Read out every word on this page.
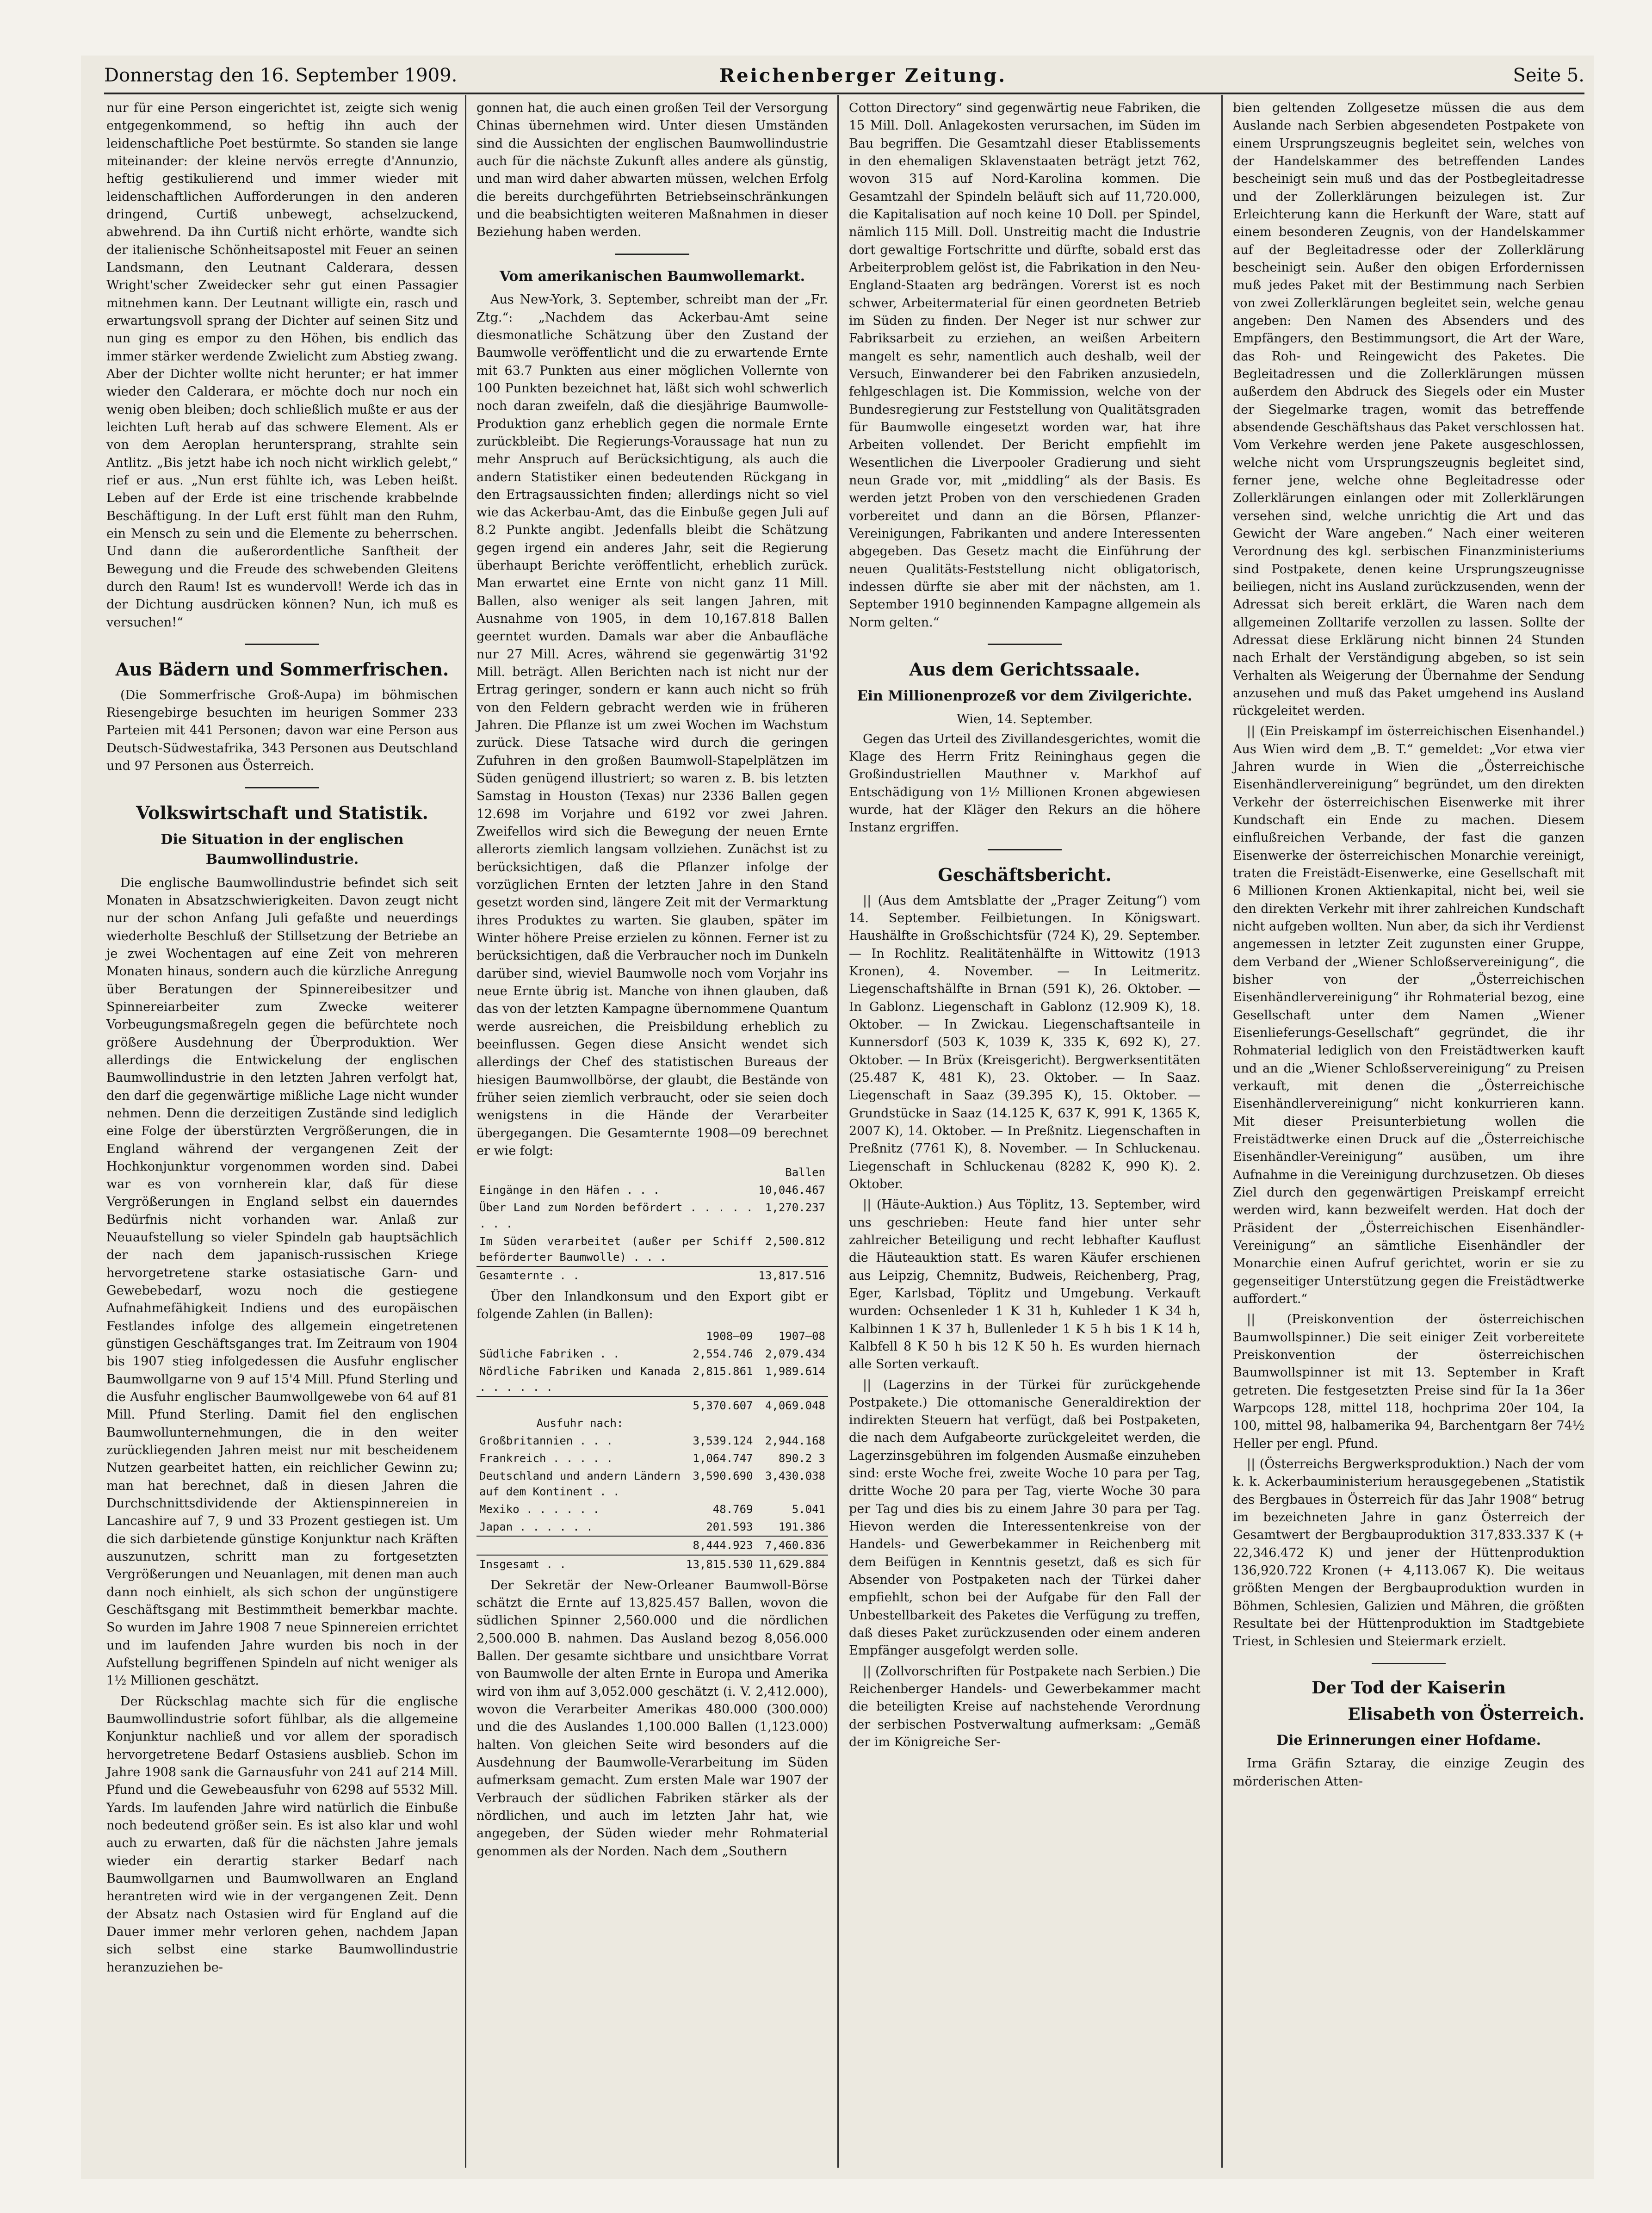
Donnerstag den 16. September 1909.	Reichenberger Zeitung.	Seite 5.

nur für eine Person eingerichtet ist, zeigte sich wenig entgegenkommend, so heftig ihn auch der leidenschaftliche Poet bestürmte. So standen sie lange miteinander: der kleine nervös erregte d'Annunzio, heftig gestikulierend und immer wieder mit leidenschaftlichen Aufforderungen in den anderen dringend, Curtiß unbewegt, achselzuckend, abwehrend. Da ihn Curtiß nicht erhörte, wandte sich der italienische Schönheitsapostel mit Feuer an seinen Landsmann, den Leutnant Calderara, dessen Wright'scher Zweidecker sehr gut einen Passagier mitnehmen kann. Der Leutnant willigte ein, rasch und erwartungsvoll sprang der Dichter auf seinen Sitz und nun ging es empor zu den Höhen, bis endlich das immer stärker werdende Zwielicht zum Abstieg zwang. Aber der Dichter wollte nicht herunter; er hat immer wieder den Calderara, er möchte doch nur noch ein wenig oben bleiben; doch schließlich mußte er aus der leichten Luft herab auf das schwere Element. Als er von dem Aeroplan heruntersprang, strahlte sein Antlitz. „Bis jetzt habe ich noch nicht wirklich gelebt,“ rief er aus. „Nun erst fühlte ich, was Leben heißt. Leben auf der Erde ist eine trischende krabbelnde Beschäftigung. In der Luft erst fühlt man den Ruhm, ein Mensch zu sein und die Elemente zu beherrschen. Und dann die außerordentliche Sanftheit der Bewegung und die Freude des schwebenden Gleitens durch den Raum! Ist es wundervoll! Werde ich das in der Dichtung ausdrücken können? Nun, ich muß es versuchen!“

Aus Bädern und Sommerfrischen.

(Die Sommerfrische Groß-Aupa) im böhmischen Riesengebirge besuchten im heurigen Sommer 233 Parteien mit 441 Personen; davon war eine Person aus Deutsch-Südwestafrika, 343 Personen aus Deutschland und 97 Personen aus Österreich.

Volkswirtschaft und Statistik.
Die Situation in der englischen Baumwollindustrie.

Die englische Baumwollindustrie befindet sich seit Monaten in Absatzschwierigkeiten. Davon zeugt nicht nur der schon Anfang Juli gefaßte und neuerdings wiederholte Beschluß der Stillsetzung der Betriebe an je zwei Wochentagen auf eine Zeit von mehreren Monaten hinaus, sondern auch die kürzliche Anregung über Beratungen der Spinnereibesitzer und Spinnereiarbeiter zum Zwecke weiterer Vorbeugungsmaßregeln gegen die befürchtete noch größere Ausdehnung der Überproduktion. Wer allerdings die Entwickelung der englischen Baumwollindustrie in den letzten Jahren verfolgt hat, den darf die gegenwärtige mißliche Lage nicht wunder nehmen. Denn die derzeitigen Zustände sind lediglich eine Folge der überstürzten Vergrößerungen, die in England während der vergangenen Zeit der Hochkonjunktur vorgenommen worden sind. Dabei war es von vornherein klar, daß für diese Vergrößerungen in England selbst ein dauerndes Bedürfnis nicht vorhanden war. Anlaß zur Neuaufstellung so vieler Spindeln gab hauptsächlich der nach dem japanisch-russischen Kriege hervorgetretene starke ostasiatische Garn- und Gewebebedarf, wozu noch die gestiegene Aufnahmefähigkeit Indiens und des europäischen Festlandes infolge des allgemein eingetretenen günstigen Geschäftsganges trat. Im Zeitraum von 1904 bis 1907 stieg infolgedessen die Ausfuhr englischer Baumwollgarne von 9 auf 15'4 Mill. Pfund Sterling und die Ausfuhr englischer Baumwollgewebe von 64 auf 81 Mill. Pfund Sterling. Damit fiel den englischen Baumwollunternehmungen, die in den weiter zurückliegenden Jahren meist nur mit bescheidenem Nutzen gearbeitet hatten, ein reichlicher Gewinn zu; man hat berechnet, daß in diesen Jahren die Durchschnittsdividende der Aktienspinnereien in Lancashire auf 7, 9 und 33 Prozent gestiegen ist. Um die sich darbietende günstige Konjunktur nach Kräften auszunutzen, schritt man zu fortgesetzten Vergrößerungen und Neuanlagen, mit denen man auch dann noch einhielt, als sich schon der ungünstigere Geschäftsgang mit Bestimmtheit bemerkbar machte. So wurden im Jahre 1908 7 neue Spinnereien errichtet und im laufenden Jahre wurden bis noch in der Aufstellung begriffenen Spindeln auf nicht weniger als 1½ Millionen geschätzt.

Der Rückschlag machte sich für die englische Baumwollindustrie sofort fühlbar, als die allgemeine Konjunktur nachließ und vor allem der sporadisch hervorgetretene Bedarf Ostasiens ausblieb. Schon im Jahre 1908 sank die Garnausfuhr von 241 auf 214 Mill. Pfund und die Gewebeausfuhr von 6298 auf 5532 Mill. Yards. Im laufenden Jahre wird natürlich die Einbuße noch bedeutend größer sein. Es ist also klar und wohl auch zu erwarten, daß für die nächsten Jahre jemals wieder ein derartig starker Bedarf nach Baumwollgarnen und Baumwollwaren an England herantreten wird wie in der vergangenen Zeit. Denn der Absatz nach Ostasien wird für England auf die Dauer immer mehr verloren gehen, nachdem Japan sich selbst eine starke Baumwollindustrie heranzuziehen be-

gonnen hat, die auch einen großen Teil der Versorgung Chinas übernehmen wird. Unter diesen Umständen sind die Aussichten der englischen Baumwollindustrie auch für die nächste Zukunft alles andere als günstig, und man wird daher abwarten müssen, welchen Erfolg die bereits durchgeführten Betriebseinschränkungen und die beabsichtigten weiteren Maßnahmen in dieser Beziehung haben werden.

Vom amerikanischen Baumwollemarkt.

Aus New-York, 3. September, schreibt man der „Fr. Ztg.“: „Nachdem das Ackerbau-Amt seine diesmonatliche Schätzung über den Zustand der Baumwolle veröffentlicht und die zu erwartende Ernte mit 63.7 Punkten aus einer möglichen Vollernte von 100 Punkten bezeichnet hat, läßt sich wohl schwerlich noch daran zweifeln, daß die diesjährige Baumwolle-Produktion ganz erheblich gegen die normale Ernte zurückbleibt. Die Regierungs-Voraussage hat nun zu mehr Anspruch auf Berücksichtigung, als auch die andern Statistiker einen bedeutenden Rückgang in den Ertragsaussichten finden; allerdings nicht so viel wie das Ackerbau-Amt, das die Einbuße gegen Juli auf 8.2 Punkte angibt. Jedenfalls bleibt die Schätzung gegen irgend ein anderes Jahr, seit die Regierung überhaupt Berichte veröffentlicht, erheblich zurück. Man erwartet eine Ernte von nicht ganz 11 Mill. Ballen, also weniger als seit langen Jahren, mit Ausnahme von 1905, in dem 10,167.818 Ballen geerntet wurden. Damals war aber die Anbaufläche nur 27 Mill. Acres, während sie gegenwärtig 31'92 Mill. beträgt. Allen Berichten nach ist nicht nur der Ertrag geringer, sondern er kann auch nicht so früh von den Feldern gebracht werden wie in früheren Jahren. Die Pflanze ist um zwei Wochen im Wachstum zurück. Diese Tatsache wird durch die geringen Zufuhren in den großen Baumwoll-Stapelplätzen im Süden genügend illustriert; so waren z. B. bis letzten Samstag in Houston (Texas) nur 2336 Ballen gegen 12.698 im Vorjahre und 6192 vor zwei Jahren. Zweifellos wird sich die Bewegung der neuen Ernte allerorts ziemlich langsam vollziehen. Zunächst ist zu berücksichtigen, daß die Pflanzer infolge der vorzüglichen Ernten der letzten Jahre in den Stand gesetzt worden sind, längere Zeit mit der Vermarktung ihres Produktes zu warten. Sie glauben, später im Winter höhere Preise erzielen zu können. Ferner ist zu berücksichtigen, daß die Verbraucher noch im Dunkeln darüber sind, wieviel Baumwolle noch vom Vorjahr ins neue Ernte übrig ist. Manche von ihnen glauben, daß das von der letzten Kampagne übernommene Quantum werde ausreichen, die Preisbildung erheblich zu beeinflussen. Gegen diese Ansicht wendet sich allerdings der Chef des statistischen Bureaus der hiesigen Baumwollbörse, der glaubt, die Bestände von früher seien ziemlich verbraucht, oder sie seien doch wenigstens in die Hände der Verarbeiter übergegangen. Die Gesamternte 1908—09 berechnet er wie folgt:

	Ballen
Eingänge in den Häfen . . .	10,046.467
Über Land zum Norden befördert . . . . . . . .	1,270.237
Im Süden verarbeitet (außer per Schiff beförderter Baumwolle) . . .	2,500.812
Gesamternte . .	13,817.516

Über den Inlandkonsum und den Export gibt er folgende Zahlen (in Ballen):

	1908—09	1907—08
Südliche Fabriken . .	2,554.746	2,079.434
Nördliche Fabriken und Kanada . . . . . .	2,815.861	1,989.614
	5,370.607	4,069.048
Ausfuhr nach:		
Großbritannien . . .	3,539.124	2,944.168
Frankreich . . . . .	1,064.747	890.2 3
Deutschland und andern Ländern auf dem Kontinent . .	3,590.690	3,430.038
Mexiko . . . . . .	48.769	5.041
Japan . . . . . .	201.593	191.386
	8,444.923	7,460.836
Insgesamt . .	13,815.530	11,629.884

Der Sekretär der New-Orleaner Baumwoll-Börse schätzt die Ernte auf 13,825.457 Ballen, wovon die südlichen Spinner 2,560.000 und die nördlichen 2,500.000 B. nahmen. Das Ausland bezog 8,056.000 Ballen. Der gesamte sichtbare und unsichtbare Vorrat von Baumwolle der alten Ernte in Europa und Amerika wird von ihm auf 3,052.000 geschätzt (i. V. 2,412.000), wovon die Verarbeiter Amerikas 480.000 (300.000) und die des Auslandes 1,100.000 Ballen (1,123.000) halten. Von gleichen Seite wird besonders auf die Ausdehnung der Baumwolle-Verarbeitung im Süden aufmerksam gemacht. Zum ersten Male war 1907 der Verbrauch der südlichen Fabriken stärker als der nördlichen, und auch im letzten Jahr hat, wie angegeben, der Süden wieder mehr Rohmaterial genommen als der Norden. Nach dem „Southern

Cotton Directory“ sind gegenwärtig neue Fabriken, die 15 Mill. Doll. Anlagekosten verursachen, im Süden im Bau begriffen. Die Gesamtzahl dieser Etablissements in den ehemaligen Sklavenstaaten beträgt jetzt 762, wovon 315 auf Nord-Karolina kommen. Die Gesamtzahl der Spindeln beläuft sich auf 11,720.000, die Kapitalisation auf noch keine 10 Doll. per Spindel, nämlich 115 Mill. Doll. Unstreitig macht die Industrie dort gewaltige Fortschritte und dürfte, sobald erst das Arbeiterproblem gelöst ist, die Fabrikation in den Neu-England-Staaten arg bedrängen. Vorerst ist es noch schwer, Arbeitermaterial für einen geordneten Betrieb im Süden zu finden. Der Neger ist nur schwer zur Fabriksarbeit zu erziehen, an weißen Arbeitern mangelt es sehr, namentlich auch deshalb, weil der Versuch, Einwanderer bei den Fabriken anzusiedeln, fehlgeschlagen ist. Die Kommission, welche von der Bundesregierung zur Feststellung von Qualitätsgraden für Baumwolle eingesetzt worden war, hat ihre Arbeiten vollendet. Der Bericht empfiehlt im Wesentlichen die Liverpooler Gradierung und sieht neun Grade vor, mit „middling“ als der Basis. Es werden jetzt Proben von den verschiedenen Graden vorbereitet und dann an die Börsen, Pflanzer-Vereinigungen, Fabrikanten und andere Interessenten abgegeben. Das Gesetz macht die Einführung der neuen Qualitäts-Feststellung nicht obligatorisch, indessen dürfte sie aber mit der nächsten, am 1. September 1910 beginnenden Kampagne allgemein als Norm gelten.“

Aus dem Gerichtssaale.
Ein Millionenprozeß vor dem Zivilgerichte.
Wien, 14. September.

Gegen das Urteil des Zivillandesgerichtes, womit die Klage des Herrn Fritz Reininghaus gegen die Großindustriellen Mauthner v. Markhof auf Entschädigung von 1½ Millionen Kronen abgewiesen wurde, hat der Kläger den Rekurs an die höhere Instanz ergriffen.

Geschäftsbericht.

|| (Aus dem Amtsblatte der „Prager Zeitung“) vom 14. September. Feilbietungen. In Königswart. Haushälfte in Großschichtsfür (724 K), 29. September. — In Rochlitz. Realitätenhälfte in Wittowitz (1913 Kronen), 4. November. — In Leitmeritz. Liegenschaftshälfte in Brnan (591 K), 26. Oktober. — In Gablonz. Liegenschaft in Gablonz (12.909 K), 18. Oktober. — In Zwickau. Liegenschaftsanteile in Kunnersdorf (503 K, 1039 K, 335 K, 692 K), 27. Oktober. — In Brüx (Kreisgericht). Bergwerksentitäten (25.487 K, 481 K), 23. Oktober. — In Saaz. Liegenschaft in Saaz (39.395 K), 15. Oktober. — Grundstücke in Saaz (14.125 K, 637 K, 991 K, 1365 K, 2007 K), 14. Oktober. — In Preßnitz. Liegenschaften in Preßnitz (7761 K), 8. November. — In Schluckenau. Liegenschaft in Schluckenau (8282 K, 990 K). 2. Oktober.

|| (Häute-Auktion.) Aus Töplitz, 13. September, wird uns geschrieben: Heute fand hier unter sehr zahlreicher Beteiligung und recht lebhafter Kauflust die Häuteauktion statt. Es waren Käufer erschienen aus Leipzig, Chemnitz, Budweis, Reichenberg, Prag, Eger, Karlsbad, Töplitz und Umgebung. Verkauft wurden: Ochsenleder 1 K 31 h, Kuhleder 1 K 34 h, Kalbinnen 1 K 37 h, Bullenleder 1 K 5 h bis 1 K 14 h, Kalbfell 8 K 50 h bis 12 K 50 h. Es wurden hiernach alle Sorten verkauft.

|| (Lagerzins in der Türkei für zurückgehende Postpakete.) Die ottomanische Generaldirektion der indirekten Steuern hat verfügt, daß bei Postpaketen, die nach dem Aufgabeorte zurückgeleitet werden, die Lagerzinsgebühren im folgenden Ausmaße einzuheben sind: erste Woche frei, zweite Woche 10 para per Tag, dritte Woche 20 para per Tag, vierte Woche 30 para per Tag und dies bis zu einem Jahre 30 para per Tag. Hievon werden die Interessentenkreise von der Handels- und Gewerbekammer in Reichenberg mit dem Beifügen in Kenntnis gesetzt, daß es sich für Absender von Postpaketen nach der Türkei daher empfiehlt, schon bei der Aufgabe für den Fall der Unbestellbarkeit des Paketes die Verfügung zu treffen, daß dieses Paket zurückzusenden oder einem anderen Empfänger ausgefolgt werden solle.

|| (Zollvorschriften für Postpakete nach Serbien.) Die Reichenberger Handels- und Gewerbekammer macht die beteiligten Kreise auf nachstehende Verordnung der serbischen Postverwaltung aufmerksam: „Gemäß der im Königreiche Ser-

bien geltenden Zollgesetze müssen die aus dem Auslande nach Serbien abgesendeten Postpakete von einem Ursprungszeugnis begleitet sein, welches von der Handelskammer des betreffenden Landes bescheinigt sein muß und das der Postbegleitadresse und der Zollerklärungen beizulegen ist. Zur Erleichterung kann die Herkunft der Ware, statt auf einem besonderen Zeugnis, von der Handelskammer auf der Begleitadresse oder der Zollerklärung bescheinigt sein. Außer den obigen Erfordernissen muß jedes Paket mit der Bestimmung nach Serbien von zwei Zollerklärungen begleitet sein, welche genau angeben: Den Namen des Absenders und des Empfängers, den Bestimmungsort, die Art der Ware, das Roh- und Reingewicht des Paketes. Die Begleitadressen und die Zollerklärungen müssen außerdem den Abdruck des Siegels oder ein Muster der Siegelmarke tragen, womit das betreffende absendende Geschäftshaus das Paket verschlossen hat. Vom Verkehre werden jene Pakete ausgeschlossen, welche nicht vom Ursprungszeugnis begleitet sind, ferner jene, welche ohne Begleitadresse oder Zollerklärungen einlangen oder mit Zollerklärungen versehen sind, welche unrichtig die Art und das Gewicht der Ware angeben.“ Nach einer weiteren Verordnung des kgl. serbischen Finanzministeriums sind Postpakete, denen keine Ursprungszeugnisse beiliegen, nicht ins Ausland zurückzusenden, wenn der Adressat sich bereit erklärt, die Waren nach dem allgemeinen Zolltarife verzollen zu lassen. Sollte der Adressat diese Erklärung nicht binnen 24 Stunden nach Erhalt der Verständigung abgeben, so ist sein Verhalten als Weigerung der Übernahme der Sendung anzusehen und muß das Paket umgehend ins Ausland rückgeleitet werden.

|| (Ein Preiskampf im österreichischen Eisenhandel.) Aus Wien wird dem „B. T.“ gemeldet: „Vor etwa vier Jahren wurde in Wien die „Österreichische Eisenhändlervereinigung“ begründet, um den direkten Verkehr der österreichischen Eisenwerke mit ihrer Kundschaft ein Ende zu machen. Diesem einflußreichen Verbande, der fast die ganzen Eisenwerke der österreichischen Monarchie vereinigt, traten die Freistädt-Eisenwerke, eine Gesellschaft mit 6 Millionen Kronen Aktienkapital, nicht bei, weil sie den direkten Verkehr mit ihrer zahlreichen Kundschaft nicht aufgeben wollten. Nun aber, da sich ihr Verdienst angemessen in letzter Zeit zugunsten einer Gruppe, dem Verband der „Wiener Schloßservereinigung“, die bisher von der „Österreichischen Eisenhändlervereinigung“ ihr Rohmaterial bezog, eine Gesellschaft unter dem Namen „Wiener Eisenlieferungs-Gesellschaft“ gegründet, die ihr Rohmaterial lediglich von den Freistädtwerken kauft und an die „Wiener Schloßservereinigung“ zu Preisen verkauft, mit denen die „Österreichische Eisenhändlervereinigung“ nicht konkurrieren kann. Mit dieser Preisunterbietung wollen die Freistädtwerke einen Druck auf die „Österreichische Eisenhändler-Vereinigung“ ausüben, um ihre Aufnahme in die Vereinigung durchzusetzen. Ob dieses Ziel durch den gegenwärtigen Preiskampf erreicht werden wird, kann bezweifelt werden. Hat doch der Präsident der „Österreichischen Eisenhändler-Vereinigung“ an sämtliche Eisenhändler der Monarchie einen Aufruf gerichtet, worin er sie zu gegenseitiger Unterstützung gegen die Freistädtwerke auffordert.“

|| (Preiskonvention der österreichischen Baumwollspinner.) Die seit einiger Zeit vorbereitete Preiskonvention der österreichischen Baumwollspinner ist mit 13. September in Kraft getreten. Die festgesetzten Preise sind für Ia 1a 36er Warpcops 128, mittel 118, hochprima 20er 104, Ia 100, mittel 98, halbamerika 94, Barchentgarn 8er 74½ Heller per engl. Pfund.

|| (Österreichs Bergwerksproduktion.) Nach der vom k. k. Ackerbauministerium herausgegebenen „Statistik des Bergbaues in Österreich für das Jahr 1908“ betrug im bezeichneten Jahre in ganz Österreich der Gesamtwert der Bergbauproduktion 317,833.337 K (+ 22,346.472 K) und jener der Hüttenproduktion 136,920.722 Kronen (+ 4,113.067 K). Die weitaus größten Mengen der Bergbauproduktion wurden in Böhmen, Schlesien, Galizien und Mähren, die größten Resultate bei der Hüttenproduktion im Stadtgebiete Triest, in Schlesien und Steiermark erzielt.

Der Tod der Kaiserin
Elisabeth von Österreich.
Die Erinnerungen einer Hofdame.

Irma Gräfin Sztaray, die einzige Zeugin des mörderischen Atten-
